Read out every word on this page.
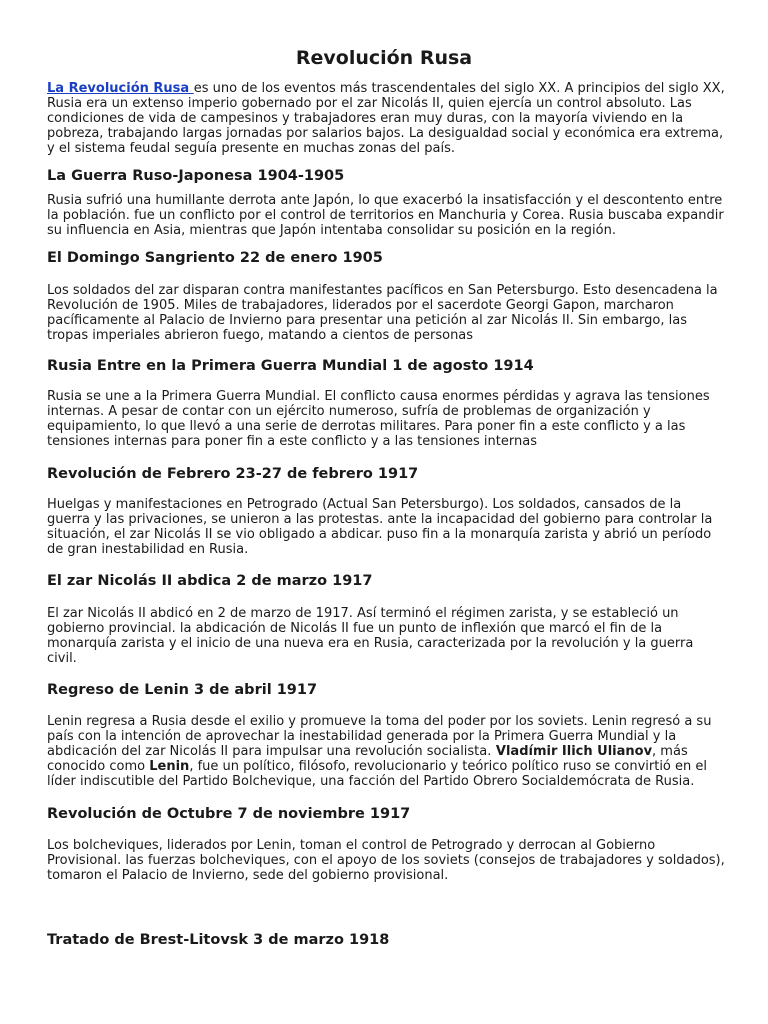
Revolución Rusa

La Revolución Rusa es uno de los eventos más trascendentales del siglo XX. A principios del siglo XX, Rusia era un extenso imperio gobernado por el zar Nicolás II, quien ejercía un control absoluto. Las condiciones de vida de campesinos y trabajadores eran muy duras, con la mayoría viviendo en la pobreza, trabajando largas jornadas por salarios bajos. La desigualdad social y económica era extrema, y el sistema feudal seguía presente en muchas zonas del país.

La Guerra Ruso-Japonesa 1904-1905

Rusia sufrió una humillante derrota ante Japón, lo que exacerbó la insatisfacción y el descontento entre la población. fue un conflicto por el control de territorios en Manchuria y Corea. Rusia buscaba expandir su influencia en Asia, mientras que Japón intentaba consolidar su posición en la región.

El Domingo Sangriento 22 de enero 1905

Los soldados del zar disparan contra manifestantes pacíficos en San Petersburgo. Esto desencadena la Revolución de 1905. Miles de trabajadores, liderados por el sacerdote Georgi Gapon, marcharon pacíficamente al Palacio de Invierno para presentar una petición al zar Nicolás II. Sin embargo, las tropas imperiales abrieron fuego, matando a cientos de personas

Rusia Entre en la Primera Guerra Mundial 1 de agosto 1914

Rusia se une a la Primera Guerra Mundial. El conflicto causa enormes pérdidas y agrava las tensiones internas. A pesar de contar con un ejército numeroso, sufría de problemas de organización y equipamiento, lo que llevó a una serie de derrotas militares. Para poner fin a este conflicto y a las tensiones internas para poner fin a este conflicto y a las tensiones internas

Revolución de Febrero 23-27 de febrero 1917

Huelgas y manifestaciones en Petrogrado (Actual San Petersburgo). Los soldados, cansados de la guerra y las privaciones, se unieron a las protestas. ante la incapacidad del gobierno para controlar la situación, el zar Nicolás II se vio obligado a abdicar. puso fin a la monarquía zarista y abrió un período de gran inestabilidad en Rusia.

El zar Nicolás II abdica 2 de marzo 1917

El zar Nicolás II abdicó en 2 de marzo de 1917. Así terminó el régimen zarista, y se estableció un gobierno provincial. la abdicación de Nicolás II fue un punto de inflexión que marcó el fin de la monarquía zarista y el inicio de una nueva era en Rusia, caracterizada por la revolución y la guerra civil.

Regreso de Lenin 3 de abril 1917

Lenin regresa a Rusia desde el exilio y promueve la toma del poder por los soviets. Lenin regresó a su país con la intención de aprovechar la inestabilidad generada por la Primera Guerra Mundial y la abdicación del zar Nicolás II para impulsar una revolución socialista. Vladímir Ilich Ulianov, más conocido como Lenin, fue un político, filósofo, revolucionario y teórico político ruso se convirtió en el líder indiscutible del Partido Bolchevique, una facción del Partido Obrero Socialdemócrata de Rusia.

Revolución de Octubre 7 de noviembre 1917

Los bolcheviques, liderados por Lenin, toman el control de Petrogrado y derrocan al Gobierno Provisional. las fuerzas bolcheviques, con el apoyo de los soviets (consejos de trabajadores y soldados), tomaron el Palacio de Invierno, sede del gobierno provisional.

Tratado de Brest-Litovsk 3 de marzo 1918
